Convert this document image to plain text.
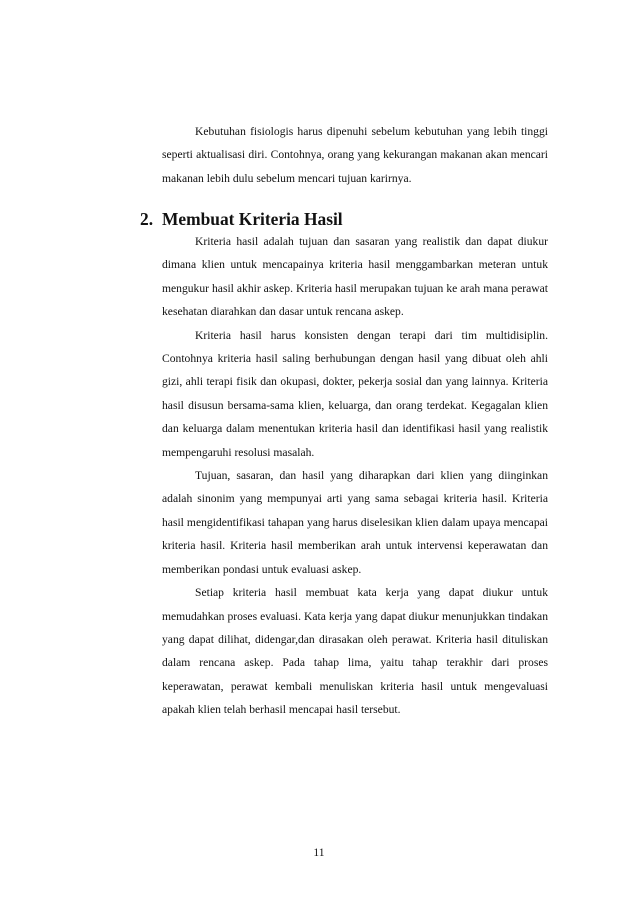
Kebutuhan fisiologis harus dipenuhi sebelum kebutuhan yang lebih tinggi seperti aktualisasi diri. Contohnya, orang yang kekurangan makanan akan mencari makanan lebih dulu sebelum mencari tujuan karirnya.

2. Membuat Kriteria Hasil

Kriteria hasil adalah tujuan dan sasaran yang realistik dan dapat diukur dimana klien untuk mencapainya kriteria hasil menggambarkan meteran untuk mengukur hasil akhir askep. Kriteria hasil merupakan tujuan ke arah mana perawat kesehatan diarahkan dan dasar untuk rencana askep.

Kriteria hasil harus konsisten dengan terapi dari tim multidisiplin. Contohnya kriteria hasil saling berhubungan dengan hasil yang dibuat oleh ahli gizi, ahli terapi fisik dan okupasi, dokter, pekerja sosial dan yang lainnya. Kriteria hasil disusun bersama-sama klien, keluarga, dan orang terdekat. Kegagalan klien dan keluarga dalam menentukan kriteria hasil dan identifikasi hasil yang realistik mempengaruhi resolusi masalah.

Tujuan, sasaran, dan hasil yang diharapkan dari klien yang diinginkan adalah sinonim yang mempunyai arti yang sama sebagai kriteria hasil. Kriteria hasil mengidentifikasi tahapan yang harus diselesikan klien dalam upaya mencapai kriteria hasil. Kriteria hasil memberikan arah untuk intervensi keperawatan dan memberikan pondasi untuk evaluasi askep.

Setiap kriteria hasil membuat kata kerja yang dapat diukur untuk memudahkan proses evaluasi. Kata kerja yang dapat diukur menunjukkan tindakan yang dapat dilihat, didengar,dan dirasakan oleh perawat. Kriteria hasil dituliskan dalam rencana askep. Pada tahap lima, yaitu tahap terakhir dari proses keperawatan, perawat kembali menuliskan kriteria hasil untuk mengevaluasi apakah klien telah berhasil mencapai hasil tersebut.

11
